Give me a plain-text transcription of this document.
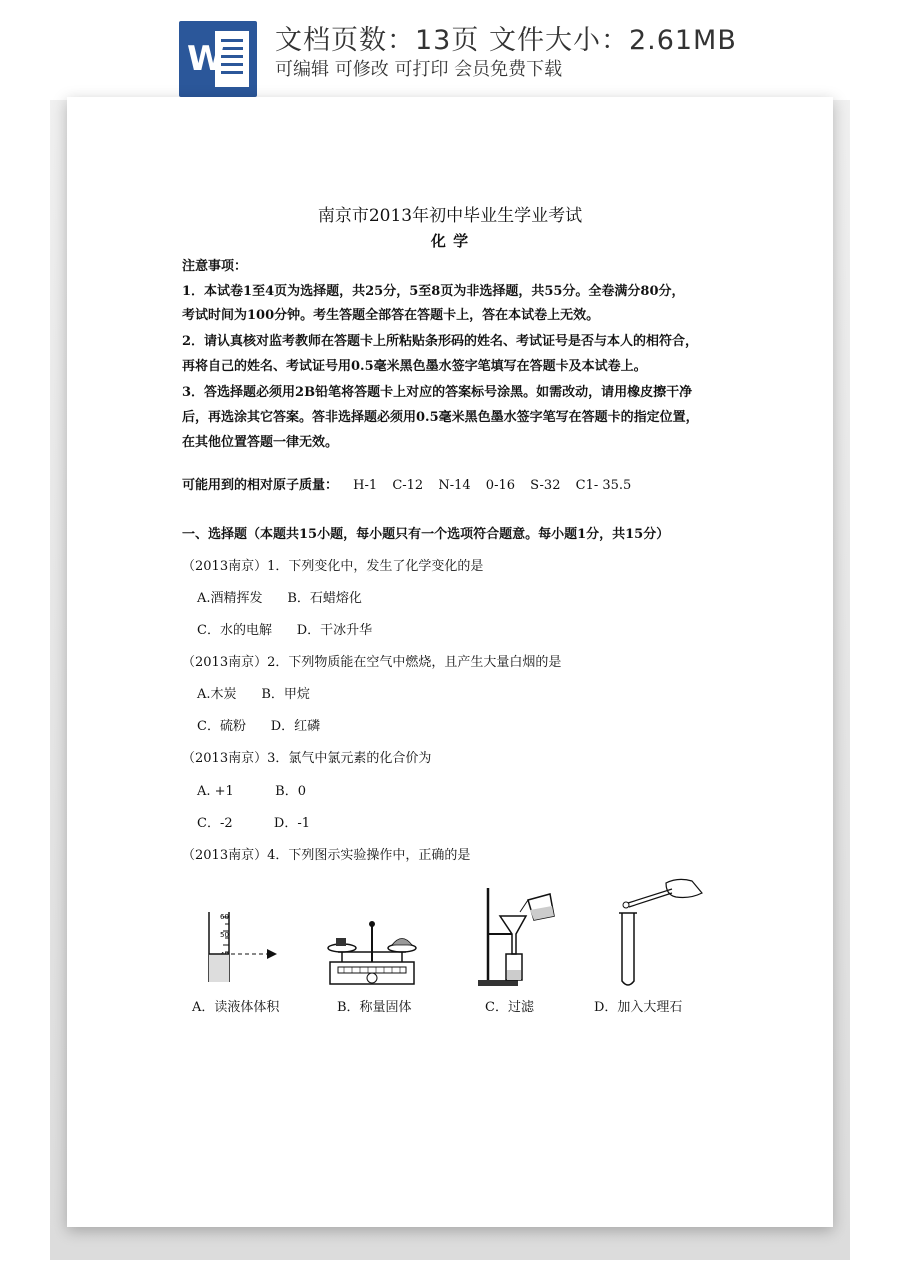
W 文档页数：13页 文件大小：2.61MB
可编辑 可修改 可打印 会员免费下载
南京市2013年初中毕业生学业考试
化 学
注意事项：
1．本试卷1至4页为选择题，共25分，5至8页为非选择题，共55分。全卷满分80分，
考试时间为100分钟。考生答题全部答在答题卡上，答在本试卷上无效。
2．请认真核对监考教师在答题卡上所粘贴条形码的姓名、考试证号是否与本人的相符合，
再将自己的姓名、考试证号用0.5毫米黑色墨水签字笔填写在答题卡及本试卷上。
3．答选择题必须用2B铅笔将答题卡上对应的答案标号涂黑。如需改动，请用橡皮擦干净
后，再选涂其它答案。答非选择题必须用0.5毫米黑色墨水签字笔写在答题卡的指定位置，
在其他位置答题一律无效。
可能用到的相对原子质量： H-1 C-12 N-14 0-16 S-32 C1- 35.5
一、选择题（本题共15小题，每小题只有一个选项符合题意。每小题1分，共15分）
（2013南京）1．下列变化中，发生了化学变化的是
A.酒精挥发      B．石蜡熔化
C．水的电解      D．干冰升华
（2013南京）2．下列物质能在空气中燃烧，且产生大量白烟的是
A.木炭      B．甲烷
C．硫粉      D．红磷
（2013南京）3．氯气中氯元素的化合价为
A. +1          B．0
C．-2          D．-1
（2013南京）4．下列图示实验操作中，正确的是
60
50
A．读液体体积	B．称量固体	C．过滤	D．加入大理石
